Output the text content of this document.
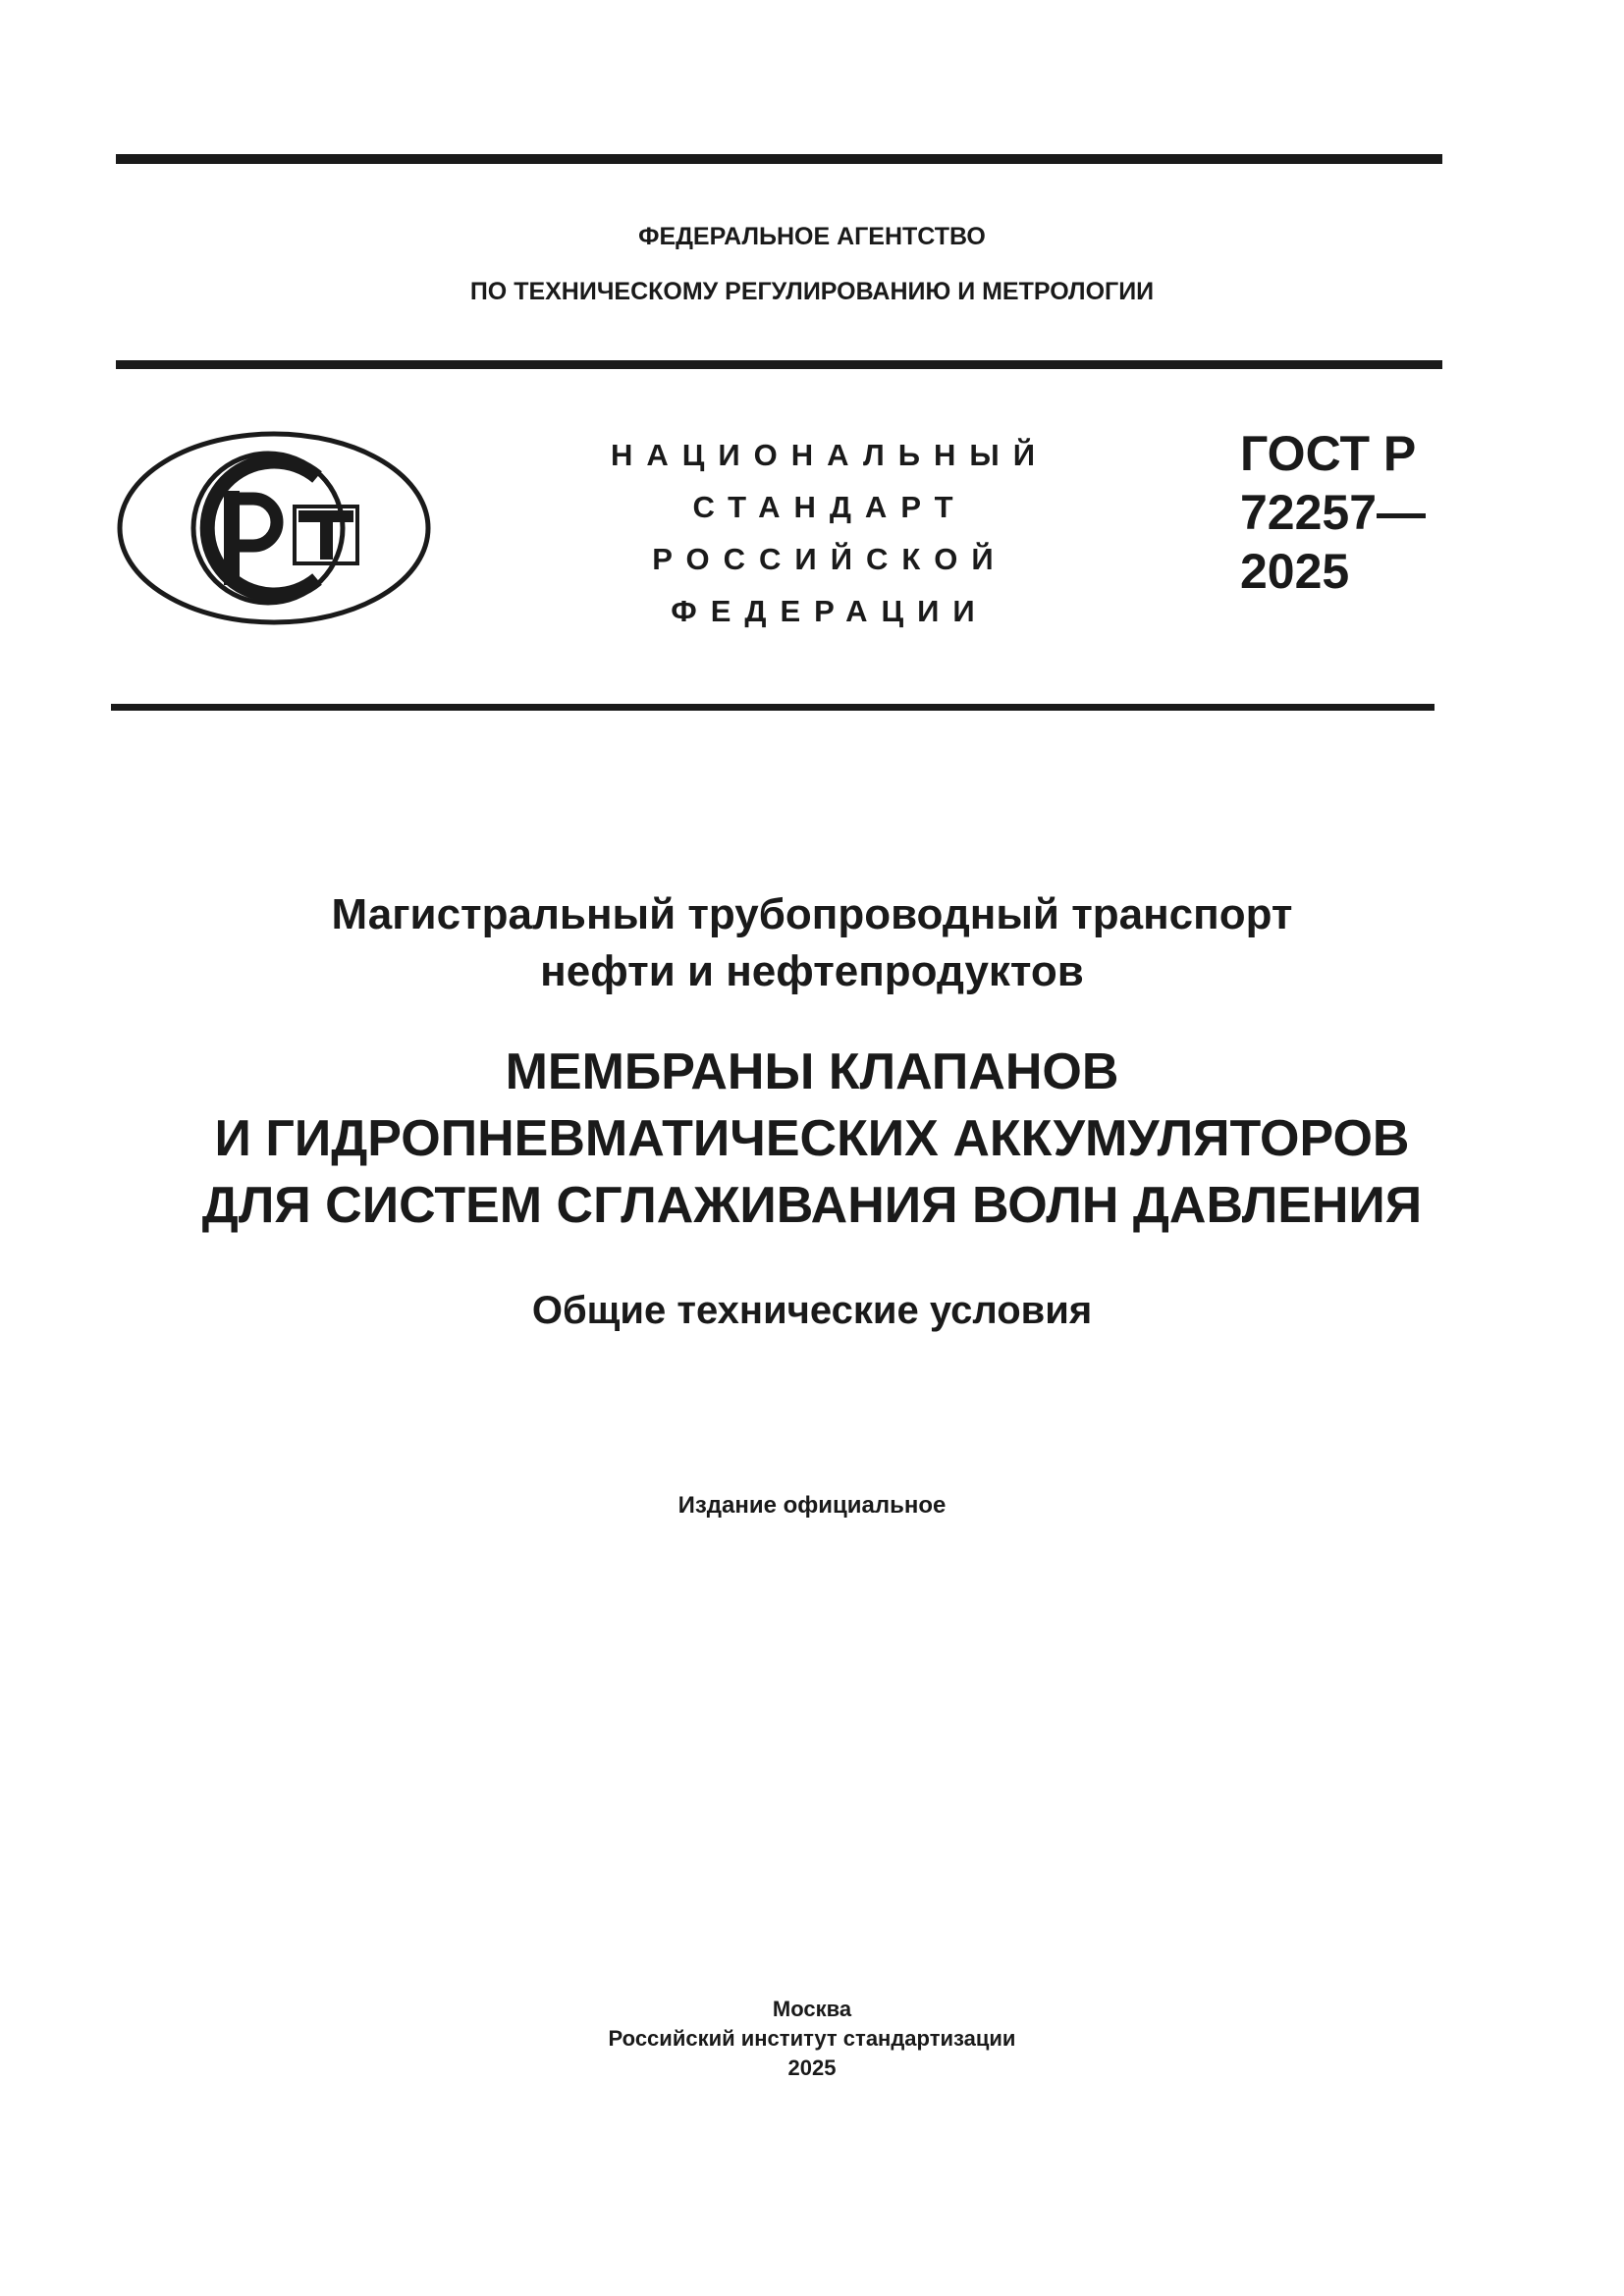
ФЕДЕРАЛЬНОЕ АГЕНТСТВО
ПО ТЕХНИЧЕСКОМУ РЕГУЛИРОВАНИЮ И МЕТРОЛОГИИ
НАЦИОНАЛЬНЫЙ
СТАНДАРТ
РОССИЙСКОЙ
ФЕДЕРАЦИИ
ГОСТ Р
72257—
2025
Магистральный трубопроводный транспорт
нефти и нефтепродуктов
МЕМБРАНЫ КЛАПАНОВ
И ГИДРОПНЕВМАТИЧЕСКИХ АККУМУЛЯТОРОВ
ДЛЯ СИСТЕМ СГЛАЖИВАНИЯ ВОЛН ДАВЛЕНИЯ
Общие технические условия
Издание официальное
Москва
Российский институт стандартизации
2025
